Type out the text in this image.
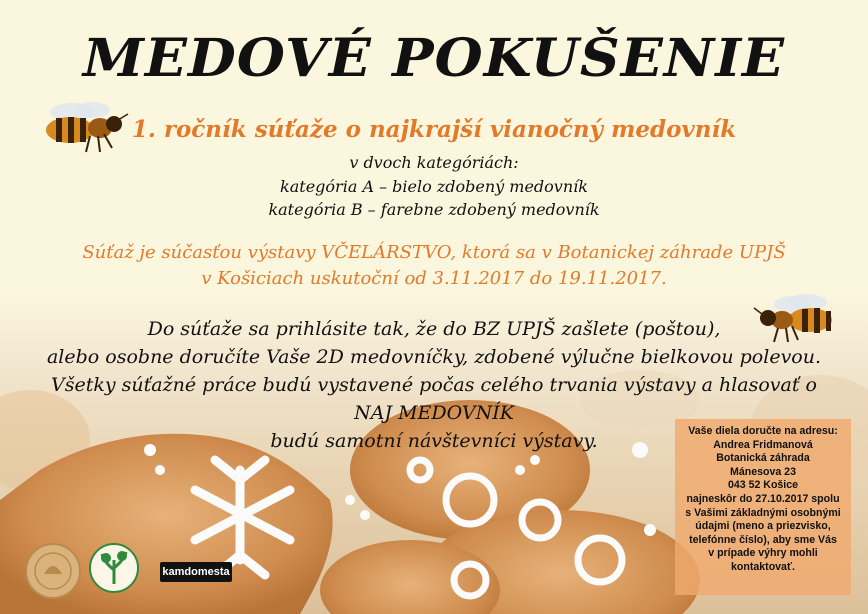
MEDOVÉ POKUŠENIE
1. ročník súťaže o najkrajší vianočný medovník
v dvoch kategóriách:
kategória A – bielo zdobený medovník
kategória B – farebne zdobený medovník
Súťaž je súčasťou výstavy VČELÁRSTVO, ktorá sa v Botanickej záhrade UPJŠ
v Košiciach uskutoční od 3.11.2017 do 19.11.2017.
Do súťaže sa prihlásite tak, že do BZ UPJŠ zašlete (poštou),
alebo osobne doručíte Vaše 2D medovníčky, zdobené výlučne bielkovou polevou.
Všetky súťažné práce budú vystavené počas celého trvania výstavy a hlasovať o
NAJ MEDOVNÍK
budú samotní návštevníci výstavy.	Vaše diela doručte na adresu:
Andrea Fridmanová
Botanická záhrada
Mánesova 23
043 52 Košice
najneskôr do 27.10.2017 spolu
s Vašimi základnými osobnými
údajmi (meno a priezvisko,
telefónne číslo), aby sme Vás
v prípade výhry mohli
kontaktovať.
kamdomesta
